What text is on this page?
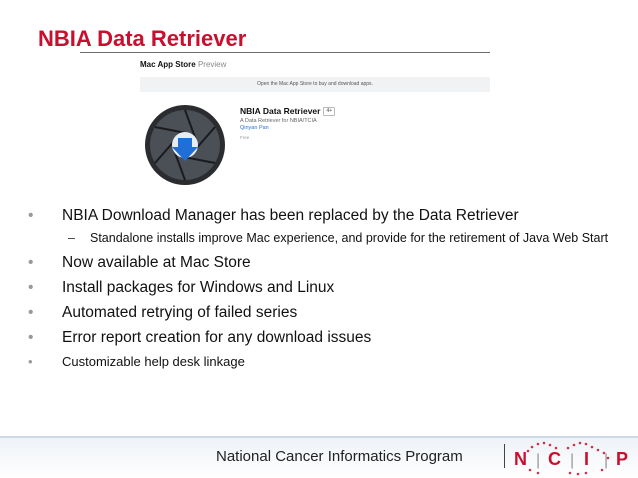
NBIA Data Retriever
Mac App Store Preview
Open the Mac App Store to buy and download apps.
NBIA Data Retriever 4+
A Data Retriever for NBIA/TCIA
Qinyan Pan
Free
• NBIA Download Manager has been replaced by the Data Retriever
– Standalone installs improve Mac experience, and provide for the retirement of Java Web Start
• Now available at Mac Store
• Install packages for Windows and Linux
• Automated retrying of failed series
• Error report creation for any download issues
• Customizable help desk linkage
National Cancer Informatics Program	N C I P
| | |
